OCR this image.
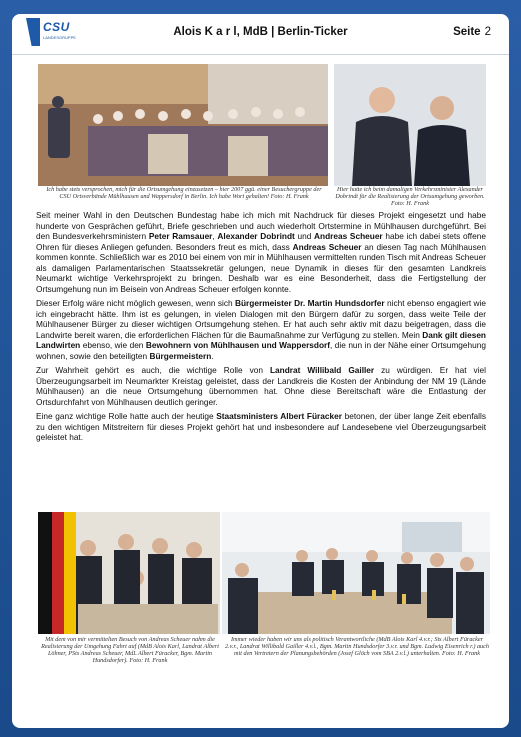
CSU
LANDESGRUPPE	Alois K a r l, MdB | Berlin-Ticker	Seite 2
Ich habe stets versprochen, mich für die Ortsumgehung einzusetzen – hier 2007 ggü. einer Besuchergruppe der CSU Ortsverbände Mühlhausen und Wappersdorf in Berlin. Ich habe Wort gehalten! Foto: H. Frank
Hier hatte ich beim damaligen Verkehrsminister Alexander Dobrindt für die Realisierung der Ortsumgehung geworben. Foto: H. Frank

Seit meiner Wahl in den Deutschen Bundestag habe ich mich mit Nachdruck für dieses Projekt eingesetzt und habe hunderte von Gesprächen geführt, Briefe geschrieben und auch wiederholt Ortstermine in Mühlhausen durchgeführt. Bei den Bundesverkehrsministern Peter Ramsauer, Alexander Dobrindt und Andreas Scheuer habe ich dabei stets offene Ohren für dieses Anliegen gefunden. Besonders freut es mich, dass Andreas Scheuer an diesen Tag nach Mühlhausen kommen konnte. Schließlich war es 2010 bei einem von mir in Mühlhausen vermittelten runden Tisch mit Andreas Scheuer als damaligen Parlamentarischen Staatssekretär gelungen, neue Dynamik in dieses für den gesamten Landkreis Neumarkt wichtige Verkehrsprojekt zu bringen. Deshalb war es eine Besonderheit, dass die Fertigstellung der Ortsumgehung nun im Beisein von Andreas Scheuer erfolgen konnte.

Dieser Erfolg wäre nicht möglich gewesen, wenn sich Bürgermeister Dr. Martin Hundsdorfer nicht ebenso engagiert wie ich eingebracht hätte. Ihm ist es gelungen, in vielen Dialogen mit den Bürgern dafür zu sorgen, dass weite Teile der Mühlhausener Bürger zu dieser wichtigen Ortsumgehung stehen. Er hat auch sehr aktiv mit dazu beigetragen, dass die Landwirte bereit waren, die erforderlichen Flächen für die Baumaßnahme zur Verfügung zu stellen. Mein Dank gilt diesen Landwirten ebenso, wie den Bewohnern von Mühlhausen und Wappersdorf, die nun in der Nähe einer Ortsumgehung wohnen, sowie den beteiligten Bürgermeistern.

Zur Wahrheit gehört es auch, die wichtige Rolle von Landrat Willibald Gailler zu würdigen. Er hat viel Überzeugungsarbeit im Neumarkter Kreistag geleistet, dass der Landkreis die Kosten der Anbindung der NM 19 (Lände Mühlhausen) an die neue Ortsumgehung übernommen hat. Ohne diese Bereitschaft wäre die Entlastung der Ortsdurchfahrt von Mühlhausen deutlich geringer.

Eine ganz wichtige Rolle hatte auch der heutige Staatsministers Albert Füracker betonen, der über lange Zeit ebenfalls zu den wichtigen Mitstreitern für dieses Projekt gehört hat und insbesondere auf Landesebene viel Überzeugungsarbeit geleistet hat.

Mit dem von mir vermittelten Besuch von Andreas Scheuer nahm die Realisierung der Umgehung Fahrt auf (MdB Alois Karl, Landrat Albert Löhner, PSts Andreas Scheuer, MdL Albert Füracker, Bgm. Martin Hundsdorfer). Foto: H. Frank
Immer wieder haben wir uns als politisch Verantwortliche (MdB Alois Karl 4.v.r.; Sts Albert Füracker 2.v.r., Landrat Willibald Gailler 4.v.l., Bgm. Martin Hundsdorfer 3.v.r. und Bgm. Ludwig Eisenrich r.) auch mit den Vertretern der Planungsbehörden (Josef Glöch vom SBA 2.v.l.) unterhalten. Foto: H. Frank
